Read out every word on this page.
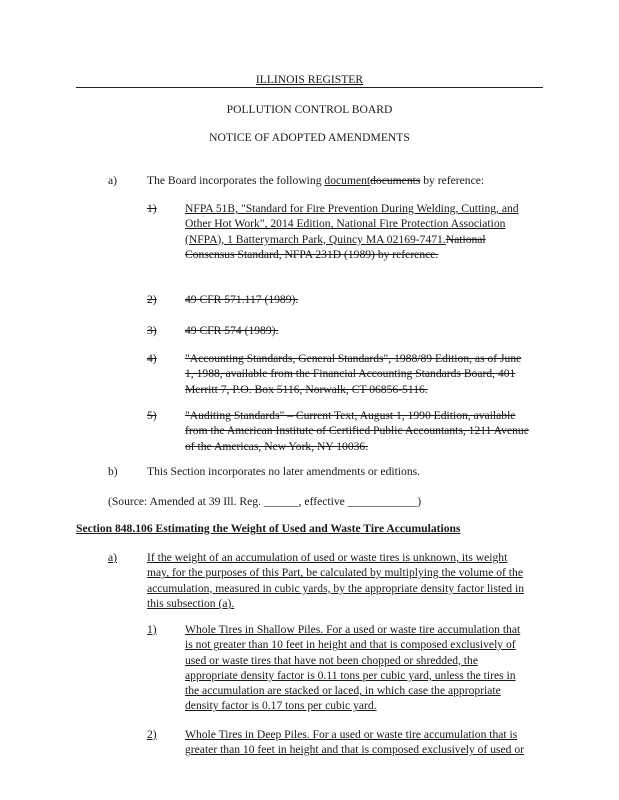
ILLINOIS REGISTER
POLLUTION CONTROL BOARD
NOTICE OF ADOPTED AMENDMENTS
a)	The Board incorporates the following documentdocuments by reference:
1) NFPA 51B, "Standard for Fire Prevention During Welding, Cutting, and
Other Hot Work", 2014 Edition, National Fire Protection Association
(NFPA), 1 Batterymarch Park, Quincy MA 02169-7471.National
Consensus Standard, NFPA 231D (1989) by reference.
2) 49 CFR 571.117 (1989).
3) 49 CFR 574 (1989).
4) "Accounting Standards, General Standards", 1988/89 Edition, as of June
1, 1988, available from the Financial Accounting Standards Board, 401
Merritt 7, P.O. Box 5116, Norwalk, CT 06856-5116.
5) "Auditing Standards" – Current Text, August 1, 1990 Edition, available
from the American Institute of Certified Public Accountants, 1211 Avenue
of the Americas, New York, NY 10036.
b)	This Section incorporates no later amendments or editions.
(Source: Amended at 39 Ill. Reg. ______, effective ____________)
Section 848.106 Estimating the Weight of Used and Waste Tire Accumulations
a)	If the weight of an accumulation of used or waste tires is unknown, its weight
may, for the purposes of this Part, be calculated by multiplying the volume of the
accumulation, measured in cubic yards, by the appropriate density factor listed in
this subsection (a).
1) Whole Tires in Shallow Piles. For a used or waste tire accumulation that
is not greater than 10 feet in height and that is composed exclusively of
used or waste tires that have not been chopped or shredded, the
appropriate density factor is 0.11 tons per cubic yard, unless the tires in
the accumulation are stacked or laced, in which case the appropriate
density factor is 0.17 tons per cubic yard.
2) Whole Tires in Deep Piles. For a used or waste tire accumulation that is
greater than 10 feet in height and that is composed exclusively of used or
